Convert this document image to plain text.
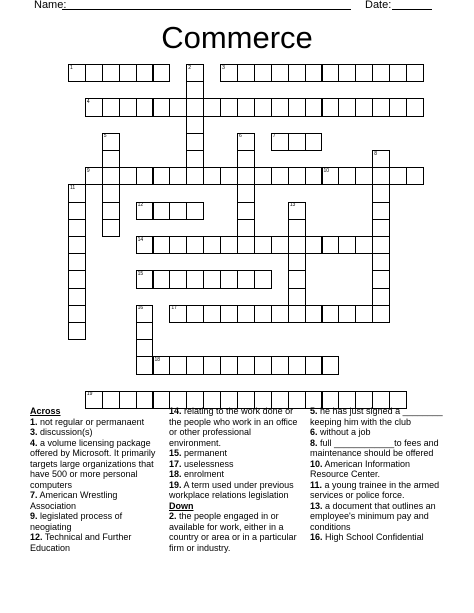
Name:	Date:
Commerce
1	2	3
4
5	6	7
8
9	10
11
12	13
14
15
16	17
18
19
Across
1. not regular or permanaent
3. discussion(s)
4. a volume licensing package offered by Microsoft. It primarily targets large organizations that have 500 or more personal computers
7. American Wrestling Association
9. legislated process of neogiating
12. Technical and Further Education
14. relating to the work done or the people who work in an office or other professional environment.
15. permanent
17. uselessness
18. enrolment
19. A term used under previous workplace relations legislation
Down
2. the people engaged in or available for work, either in a country or area or in a particular firm or industry.
5. he has just signed a ________ keeping him with the club
6. without a job
8. full ____________to fees and maintenance should be offered
10. American Information Resource Center.
11. a young trainee in the armed services or police force.
13. a document that outlines an employee's minimum pay and conditions
16. High School Confidential
